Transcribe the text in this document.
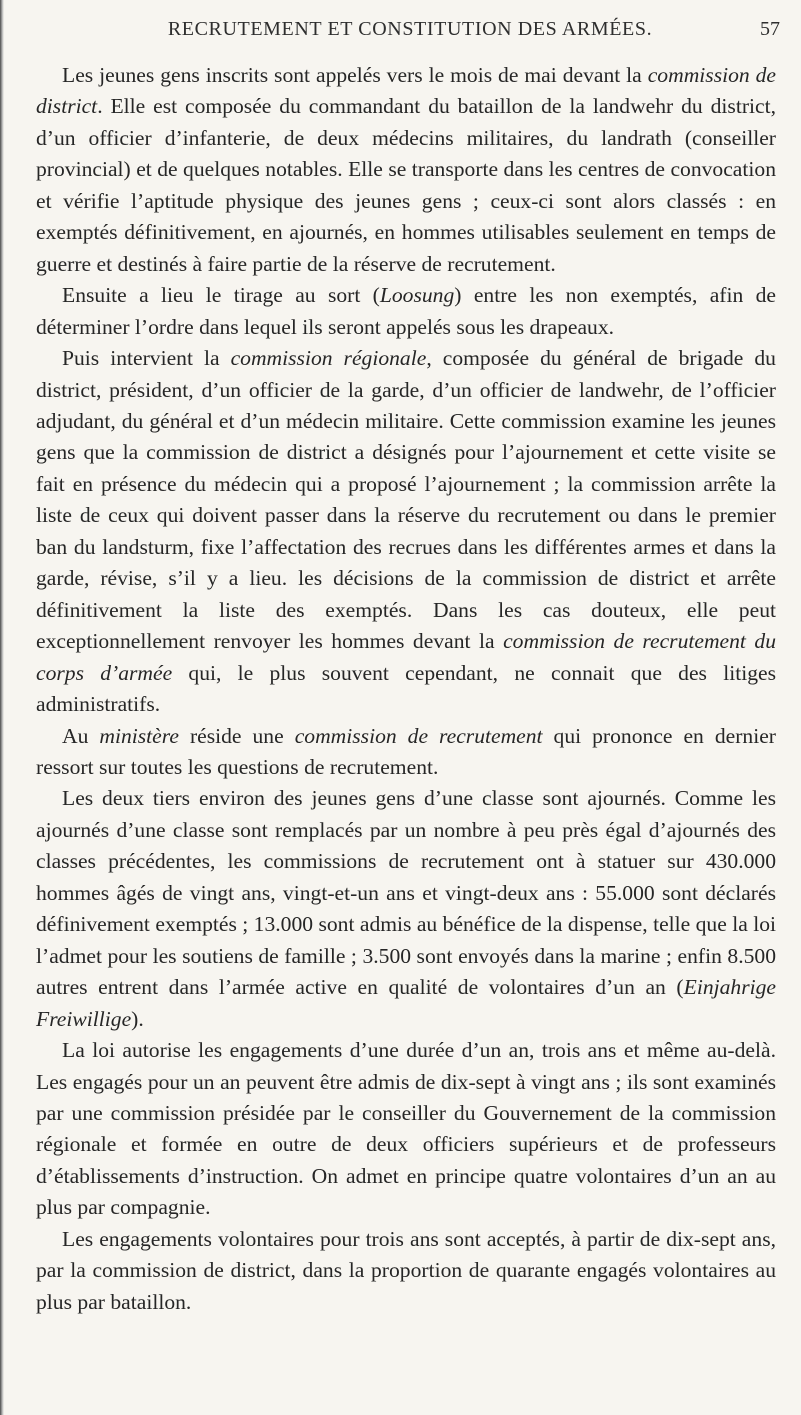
RECRUTEMENT ET CONSTITUTION DES ARMÉES.	57

Les jeunes gens inscrits sont appelés vers le mois de mai devant la commission de district. Elle est composée du commandant du bataillon de la landwehr du district, d’un officier d’infanterie, de deux médecins militaires, du landrath (conseiller provincial) et de quelques notables. Elle se transporte dans les centres de convocation et vérifie l’aptitude physique des jeunes gens ; ceux-ci sont alors classés : en exemptés définitivement, en ajournés, en hommes utilisables seulement en temps de guerre et destinés à faire partie de la réserve de recrutement.

Ensuite a lieu le tirage au sort (Loosung) entre les non exemptés, afin de déterminer l’ordre dans lequel ils seront appelés sous les drapeaux.

Puis intervient la commission régionale, composée du général de brigade du district, président, d’un officier de la garde, d’un officier de landwehr, de l’officier adjudant, du général et d’un médecin militaire. Cette commission examine les jeunes gens que la commission de district a désignés pour l’ajournement et cette visite se fait en présence du médecin qui a proposé l’ajournement ; la commission arrête la liste de ceux qui doivent passer dans la réserve du recrutement ou dans le premier ban du landsturm, fixe l’affectation des recrues dans les différentes armes et dans la garde, révise, s’il y a lieu. les décisions de la commission de district et arrête définitivement la liste des exemptés. Dans les cas douteux, elle peut exceptionnellement renvoyer les hommes devant la commission de recrutement du corps d’armée qui, le plus souvent cependant, ne connait que des litiges administratifs.

Au ministère réside une commission de recrutement qui prononce en dernier ressort sur toutes les questions de recrutement.

Les deux tiers environ des jeunes gens d’une classe sont ajournés. Comme les ajournés d’une classe sont remplacés par un nombre à peu près égal d’ajournés des classes précédentes, les commissions de recrutement ont à statuer sur 430.000 hommes âgés de vingt ans, vingt-et-un ans et vingt-deux ans : 55.000 sont déclarés définivement exemptés ; 13.000 sont admis au bénéfice de la dispense, telle que la loi l’admet pour les soutiens de famille ; 3.500 sont envoyés dans la marine ; enfin 8.500 autres entrent dans l’armée active en qualité de volontaires d’un an (Einjahrige Freiwillige).

La loi autorise les engagements d’une durée d’un an, trois ans et même au-delà. Les engagés pour un an peuvent être admis de dix-sept à vingt ans ; ils sont examinés par une commission présidée par le conseiller du Gouvernement de la commission régionale et formée en outre de deux officiers supérieurs et de professeurs d’établissements d’instruction. On admet en principe quatre volontaires d’un an au plus par compagnie.

Les engagements volontaires pour trois ans sont acceptés, à partir de dix-sept ans, par la commission de district, dans la proportion de quarante engagés volontaires au plus par bataillon.
